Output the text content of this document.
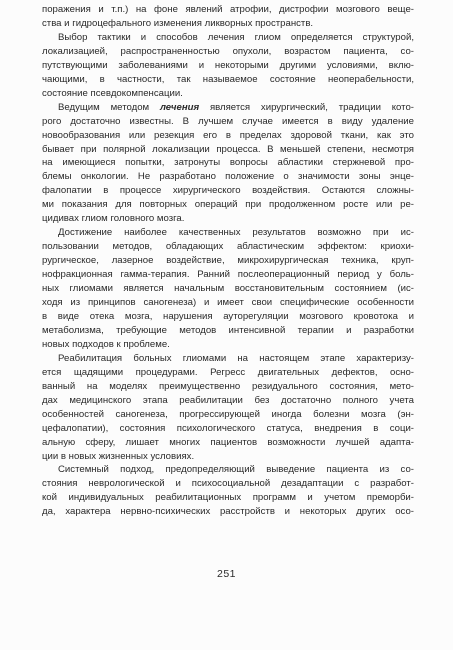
поражения и т.п.) на фоне явлений атрофии, дистрофии мозгового веще-
ства и гидроцефального изменения ликворных пространств.
Выбор тактики и способов лечения глиом определяется структурой,
локализацией, распространенностью опухоли, возрастом пациента, со-
путствующими заболеваниями и некоторыми другими условиями, вклю-
чающими, в частности, так называемое состояние неоперабельности,
состояние псевдокомпенсации.
Ведущим методом лечения является хирургический, традиции кото-
рого достаточно известны. В лучшем случае имеется в виду удаление
новообразования или резекция его в пределах здоровой ткани, как это
бывает при полярной локализации процесса. В меньшей степени, несмотря
на имеющиеся попытки, затронуты вопросы абластики стержневой про-
блемы онкологии. Не разработано положение о значимости зоны энце-
фалопатии в процессе хирургического воздействия. Остаются сложны-
ми показания для повторных операций при продолженном росте или ре-
цидивах глиом головного мозга.
Достижение наиболее качественных результатов возможно при ис-
пользовании методов, обладающих абластическим эффектом: криохи-
рургическое, лазерное воздействие, микрохирургическая техника, круп-
нофракционная гамма-терапия. Ранний послеоперационный период у боль-
ных глиомами является начальным восстановительным состоянием (ис-
ходя из принципов саногенеза) и имеет свои специфические особенности
в виде отека мозга, нарушения ауторегуляции мозгового кровотока и
метаболизма, требующие методов интенсивной терапии и разработки
новых подходов к проблеме.
Реабилитация больных глиомами на настоящем этапе характеризу-
ется щадящими процедурами. Регресс двигательных дефектов, осно-
ванный на моделях преимущественно резидуального состояния, мето-
дах медицинского этапа реабилитации без достаточно полного учета
особенностей саногенеза, прогрессирующей иногда болезни мозга (эн-
цефалопатии), состояния психологического статуса, внедрения в соци-
альную сферу, лишает многих пациентов возможности лучшей адапта-
ции в новых жизненных условиях.
Системный подход, предопределяющий выведение пациента из со-
стояния неврологической и психосоциальной дезадаптации с разработ-
кой индивидуальных реабилитационных программ и учетом преморби-
да, характера нервно-психических расстройств и некоторых других осо-
251
